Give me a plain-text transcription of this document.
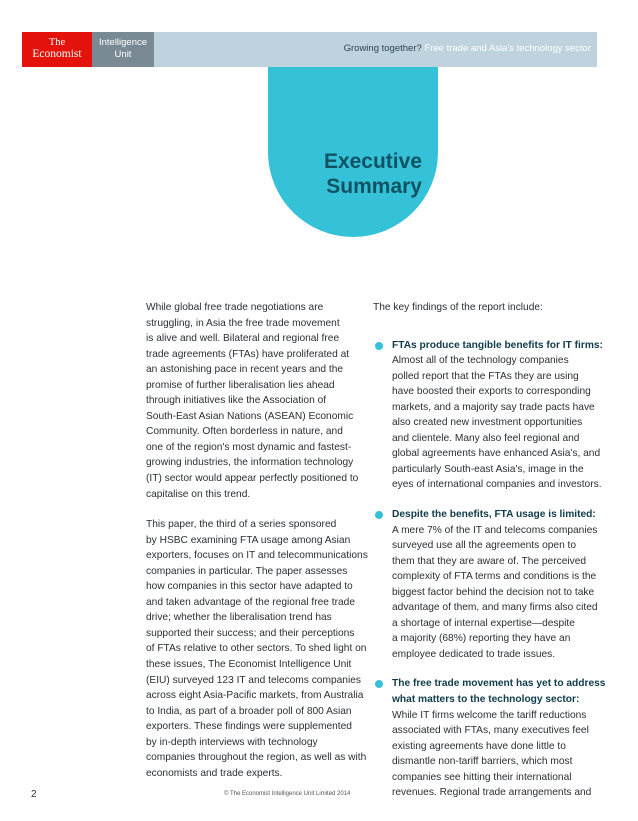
The
Economist
Intelligence
Unit
Growing together? Free trade and Asia's technology sector
Executive
Summary

While global free trade negotiations are
struggling, in Asia the free trade movement
is alive and well. Bilateral and regional free
trade agreements (FTAs) have proliferated at
an astonishing pace in recent years and the
promise of further liberalisation lies ahead
through initiatives like the Association of
South-East Asian Nations (ASEAN) Economic
Community. Often borderless in nature, and
one of the region's most dynamic and fastest-
growing industries, the information technology
(IT) sector would appear perfectly positioned to
capitalise on this trend.

This paper, the third of a series sponsored
by HSBC examining FTA usage among Asian
exporters, focuses on IT and telecommunications
companies in particular. The paper assesses
how companies in this sector have adapted to
and taken advantage of the regional free trade
drive; whether the liberalisation trend has
supported their success; and their perceptions
of FTAs relative to other sectors. To shed light on
these issues, The Economist Intelligence Unit
(EIU) surveyed 123 IT and telecoms companies
across eight Asia-Pacific markets, from Australia
to India, as part of a broader poll of 800 Asian
exporters. These findings were supplemented
by in-depth interviews with technology
companies throughout the region, as well as with
economists and trade experts.

The key findings of the report include:
FTAs produce tangible benefits for IT firms:
Almost all of the technology companies
polled report that the FTAs they are using
have boosted their exports to corresponding
markets, and a majority say trade pacts have
also created new investment opportunities
and clientele. Many also feel regional and
global agreements have enhanced Asia's, and
particularly South-east Asia's, image in the
eyes of international companies and investors.
Despite the benefits, FTA usage is limited:
A mere 7% of the IT and telecoms companies
surveyed use all the agreements open to
them that they are aware of. The perceived
complexity of FTA terms and conditions is the
biggest factor behind the decision not to take
advantage of them, and many firms also cited
a shortage of internal expertise—despite
a majority (68%) reporting they have an
employee dedicated to trade issues.
The free trade movement has yet to address
what matters to the technology sector:
While IT firms welcome the tariff reductions
associated with FTAs, many executives feel
existing agreements have done little to
dismantle non-tariff barriers, which most
companies see hitting their international
revenues. Regional trade arrangements and
2	© The Economist Intelligence Unit Limited 2014
